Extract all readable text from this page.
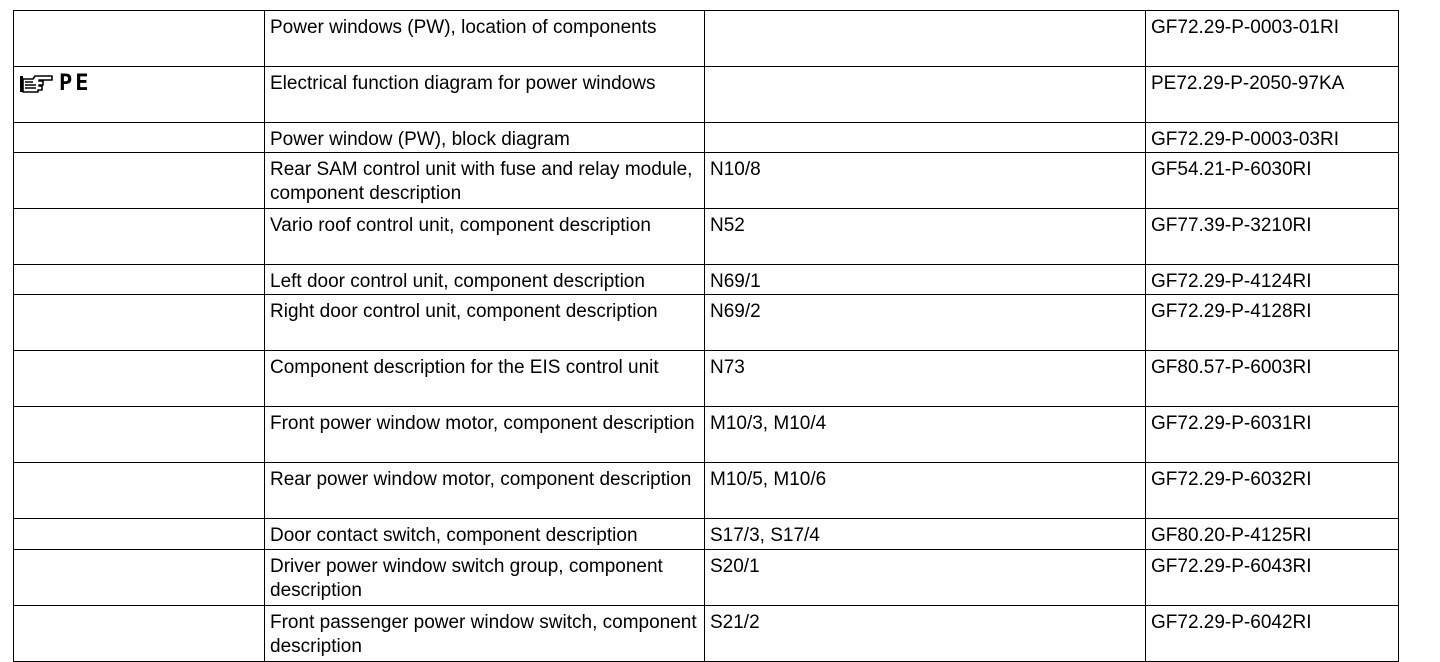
	Power windows (PW), location of components		GF72.29-P-0003-01RI

PE	Electrical function diagram for power windows		PE72.29-P-2050-97KA
	Power window (PW), block diagram		GF72.29-P-0003-03RI
	Rear SAM control unit with fuse and relay module, component description	N10/8	GF54.21-P-6030RI
	Vario roof control unit, component description	N52	GF77.39-P-3210RI
	Left door control unit, component description	N69/1	GF72.29-P-4124RI
	Right door control unit, component description	N69/2	GF72.29-P-4128RI
	Component description for the EIS control unit	N73	GF80.57-P-6003RI
	Front power window motor, component description	M10/3, M10/4	GF72.29-P-6031RI
	Rear power window motor, component description	M10/5, M10/6	GF72.29-P-6032RI
	Door contact switch, component description	S17/3, S17/4	GF80.20-P-4125RI
	Driver power window switch group, component description	S20/1	GF72.29-P-6043RI
	Front passenger power window switch, component description	S21/2	GF72.29-P-6042RI
